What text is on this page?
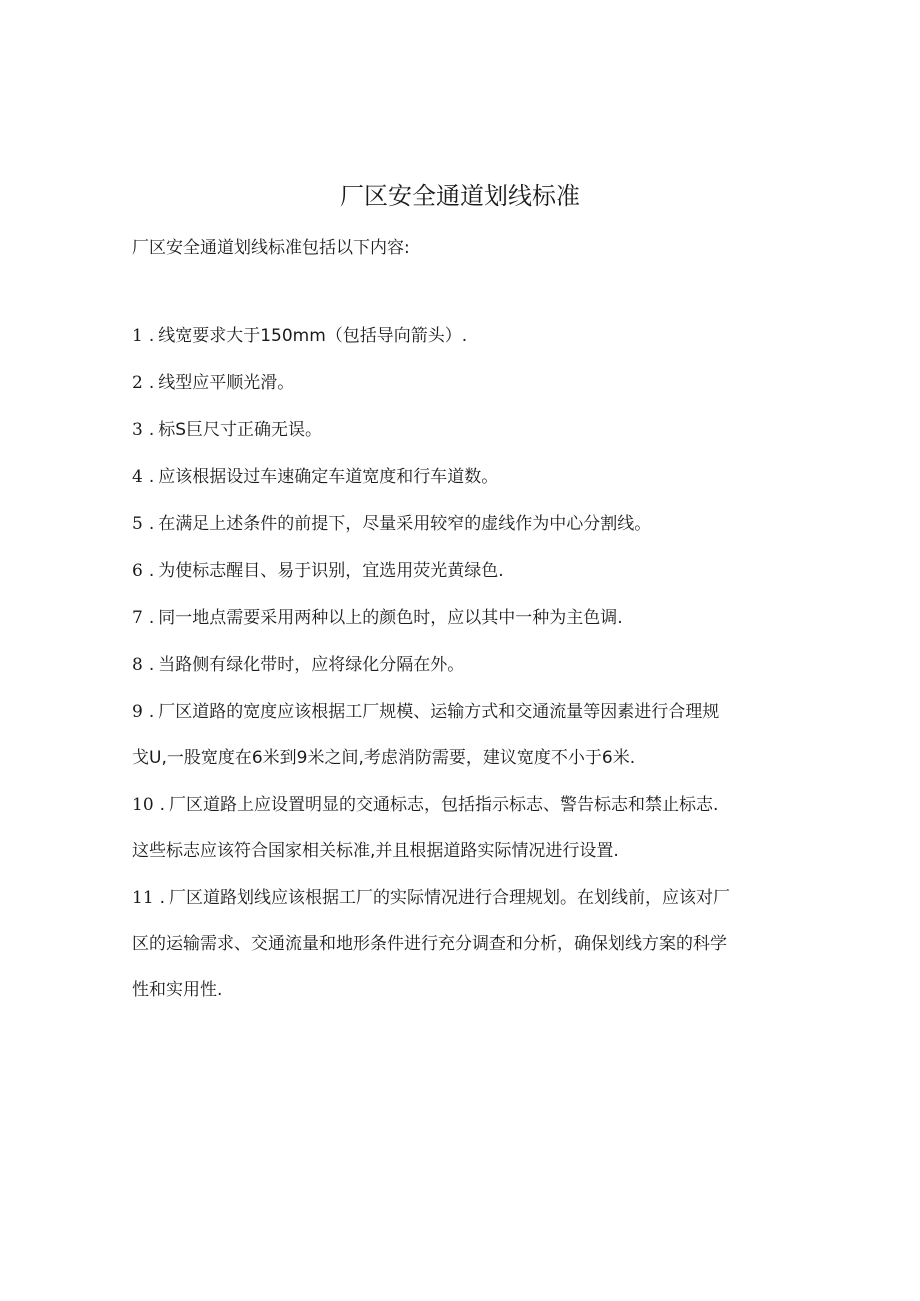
厂区安全通道划线标准

厂区安全通道划线标准包括以下内容:

1 . 线宽要求大于150mm（包括导向箭头）.
2 . 线型应平顺光滑。
3 . 标S巨尺寸正确无误。
4 . 应该根据设过车速确定车道宽度和行车道数。
5 . 在满足上述条件的前提下，尽量采用较窄的虚线作为中心分割线。
6 . 为使标志醒目、易于识别，宜选用荧光黄绿色.
7 . 同一地点需要采用两种以上的颜色时，应以其中一种为主色调.
8 . 当路侧有绿化带时，应将绿化分隔在外。
9 . 厂区道路的宽度应该根据工厂规模、运输方式和交通流量等因素进行合理规
戈U,一股宽度在6米到9米之间,考虑消防需要，建议宽度不小于6米.
10 . 厂区道路上应设置明显的交通标志，包括指示标志、警告标志和禁止标志.
这些标志应该符合国家相关标准,并且根据道路实际情况进行设置.
11 . 厂区道路划线应该根据工厂的实际情况进行合理规划。在划线前，应该对厂
区的运输需求、交通流量和地形条件进行充分调查和分析，确保划线方案的科学
性和实用性.
